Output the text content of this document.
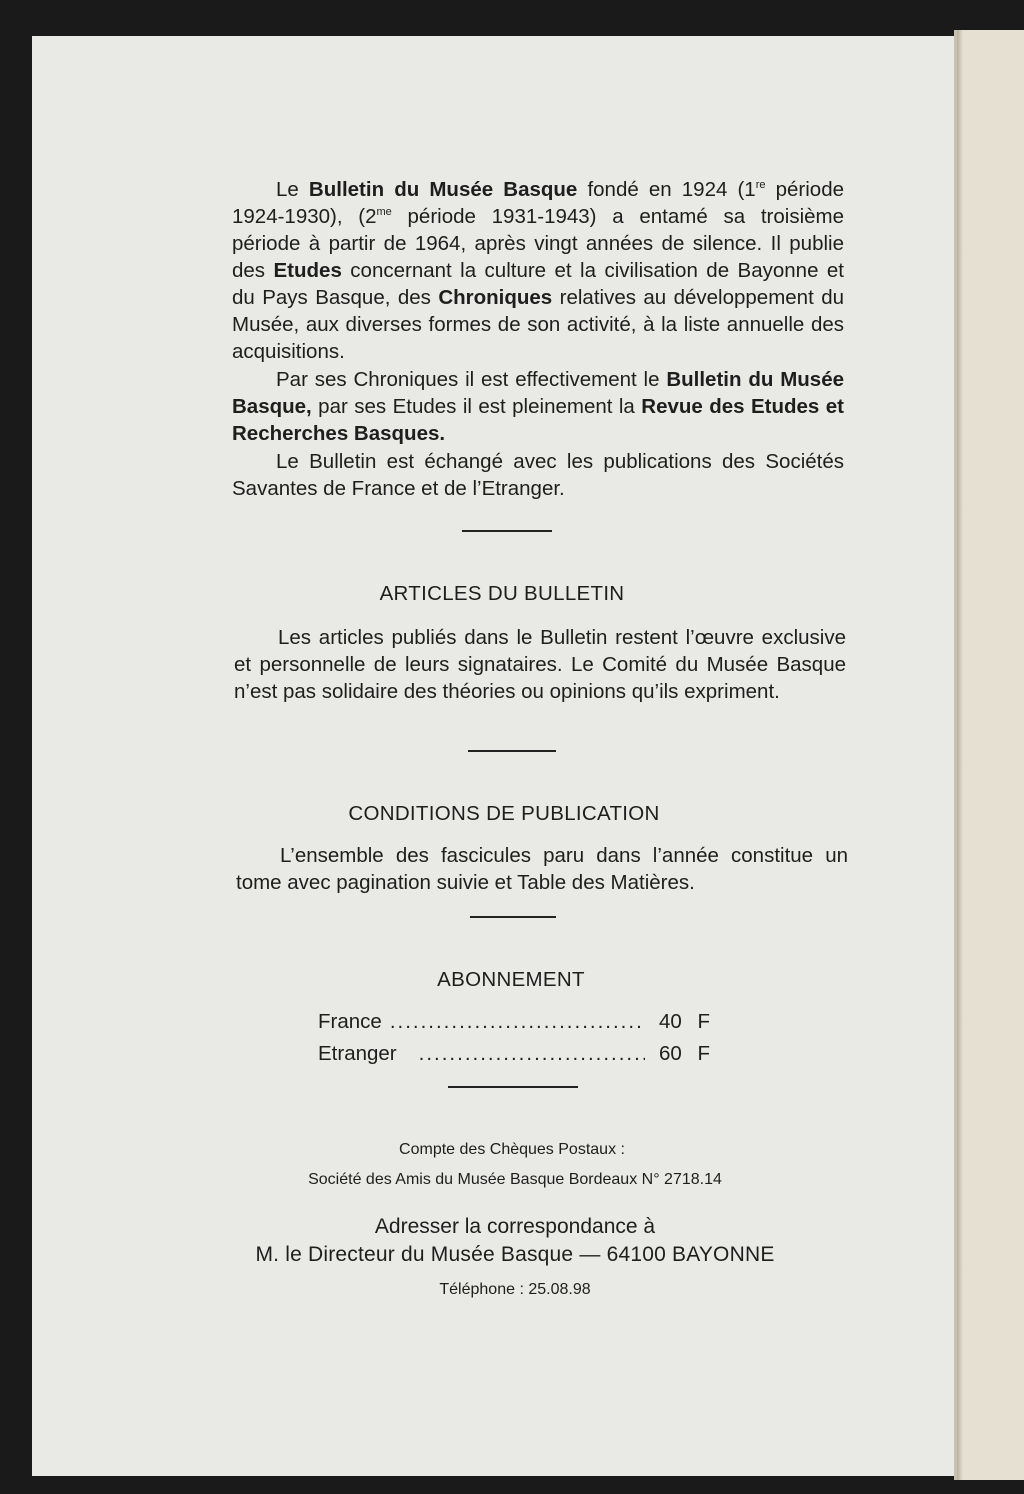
Le Bulletin du Musée Basque fondé en 1924 (1re période 1924-1930), ($2^{me}$ période 1931-1943) a entamé sa troisième période à partir de 1964, après vingt années de silence. Il publie des Etudes concernant la culture et la civilisation de Bayonne et du Pays Basque, des Chroniques relatives au développement du Musée, aux diverses formes de son activité, à la liste annuelle des acquisitions.

Par ses Chroniques il est effectivement le Bulletin du Musée Basque, par ses Etudes il est pleinement la Revue des Etudes et Recherches Basques.

Le Bulletin est échangé avec les publications des Sociétés Savantes de France et de l’Etranger.

ARTICLES DU BULLETIN

Les articles publiés dans le Bulletin restent l’œuvre exclusive et personnelle de leurs signataires. Le Comité du Musée Basque n’est pas solidaire des théories ou opinions qu’ils expriment.

CONDITIONS DE PUBLICATION

L’ensemble des fascicules paru dans l’année constitue un tome avec pagination suivie et Table des Matières.

ABONNEMENT
France .....	40 F
Etranger .....	60 F
Compte des Chèques Postaux :
Société des Amis du Musée Basque Bordeaux N° 2718.14
Adresser la correspondance à
M. le Directeur du Musée Basque — 64100 BAYONNE
Téléphone : 25.08.98
